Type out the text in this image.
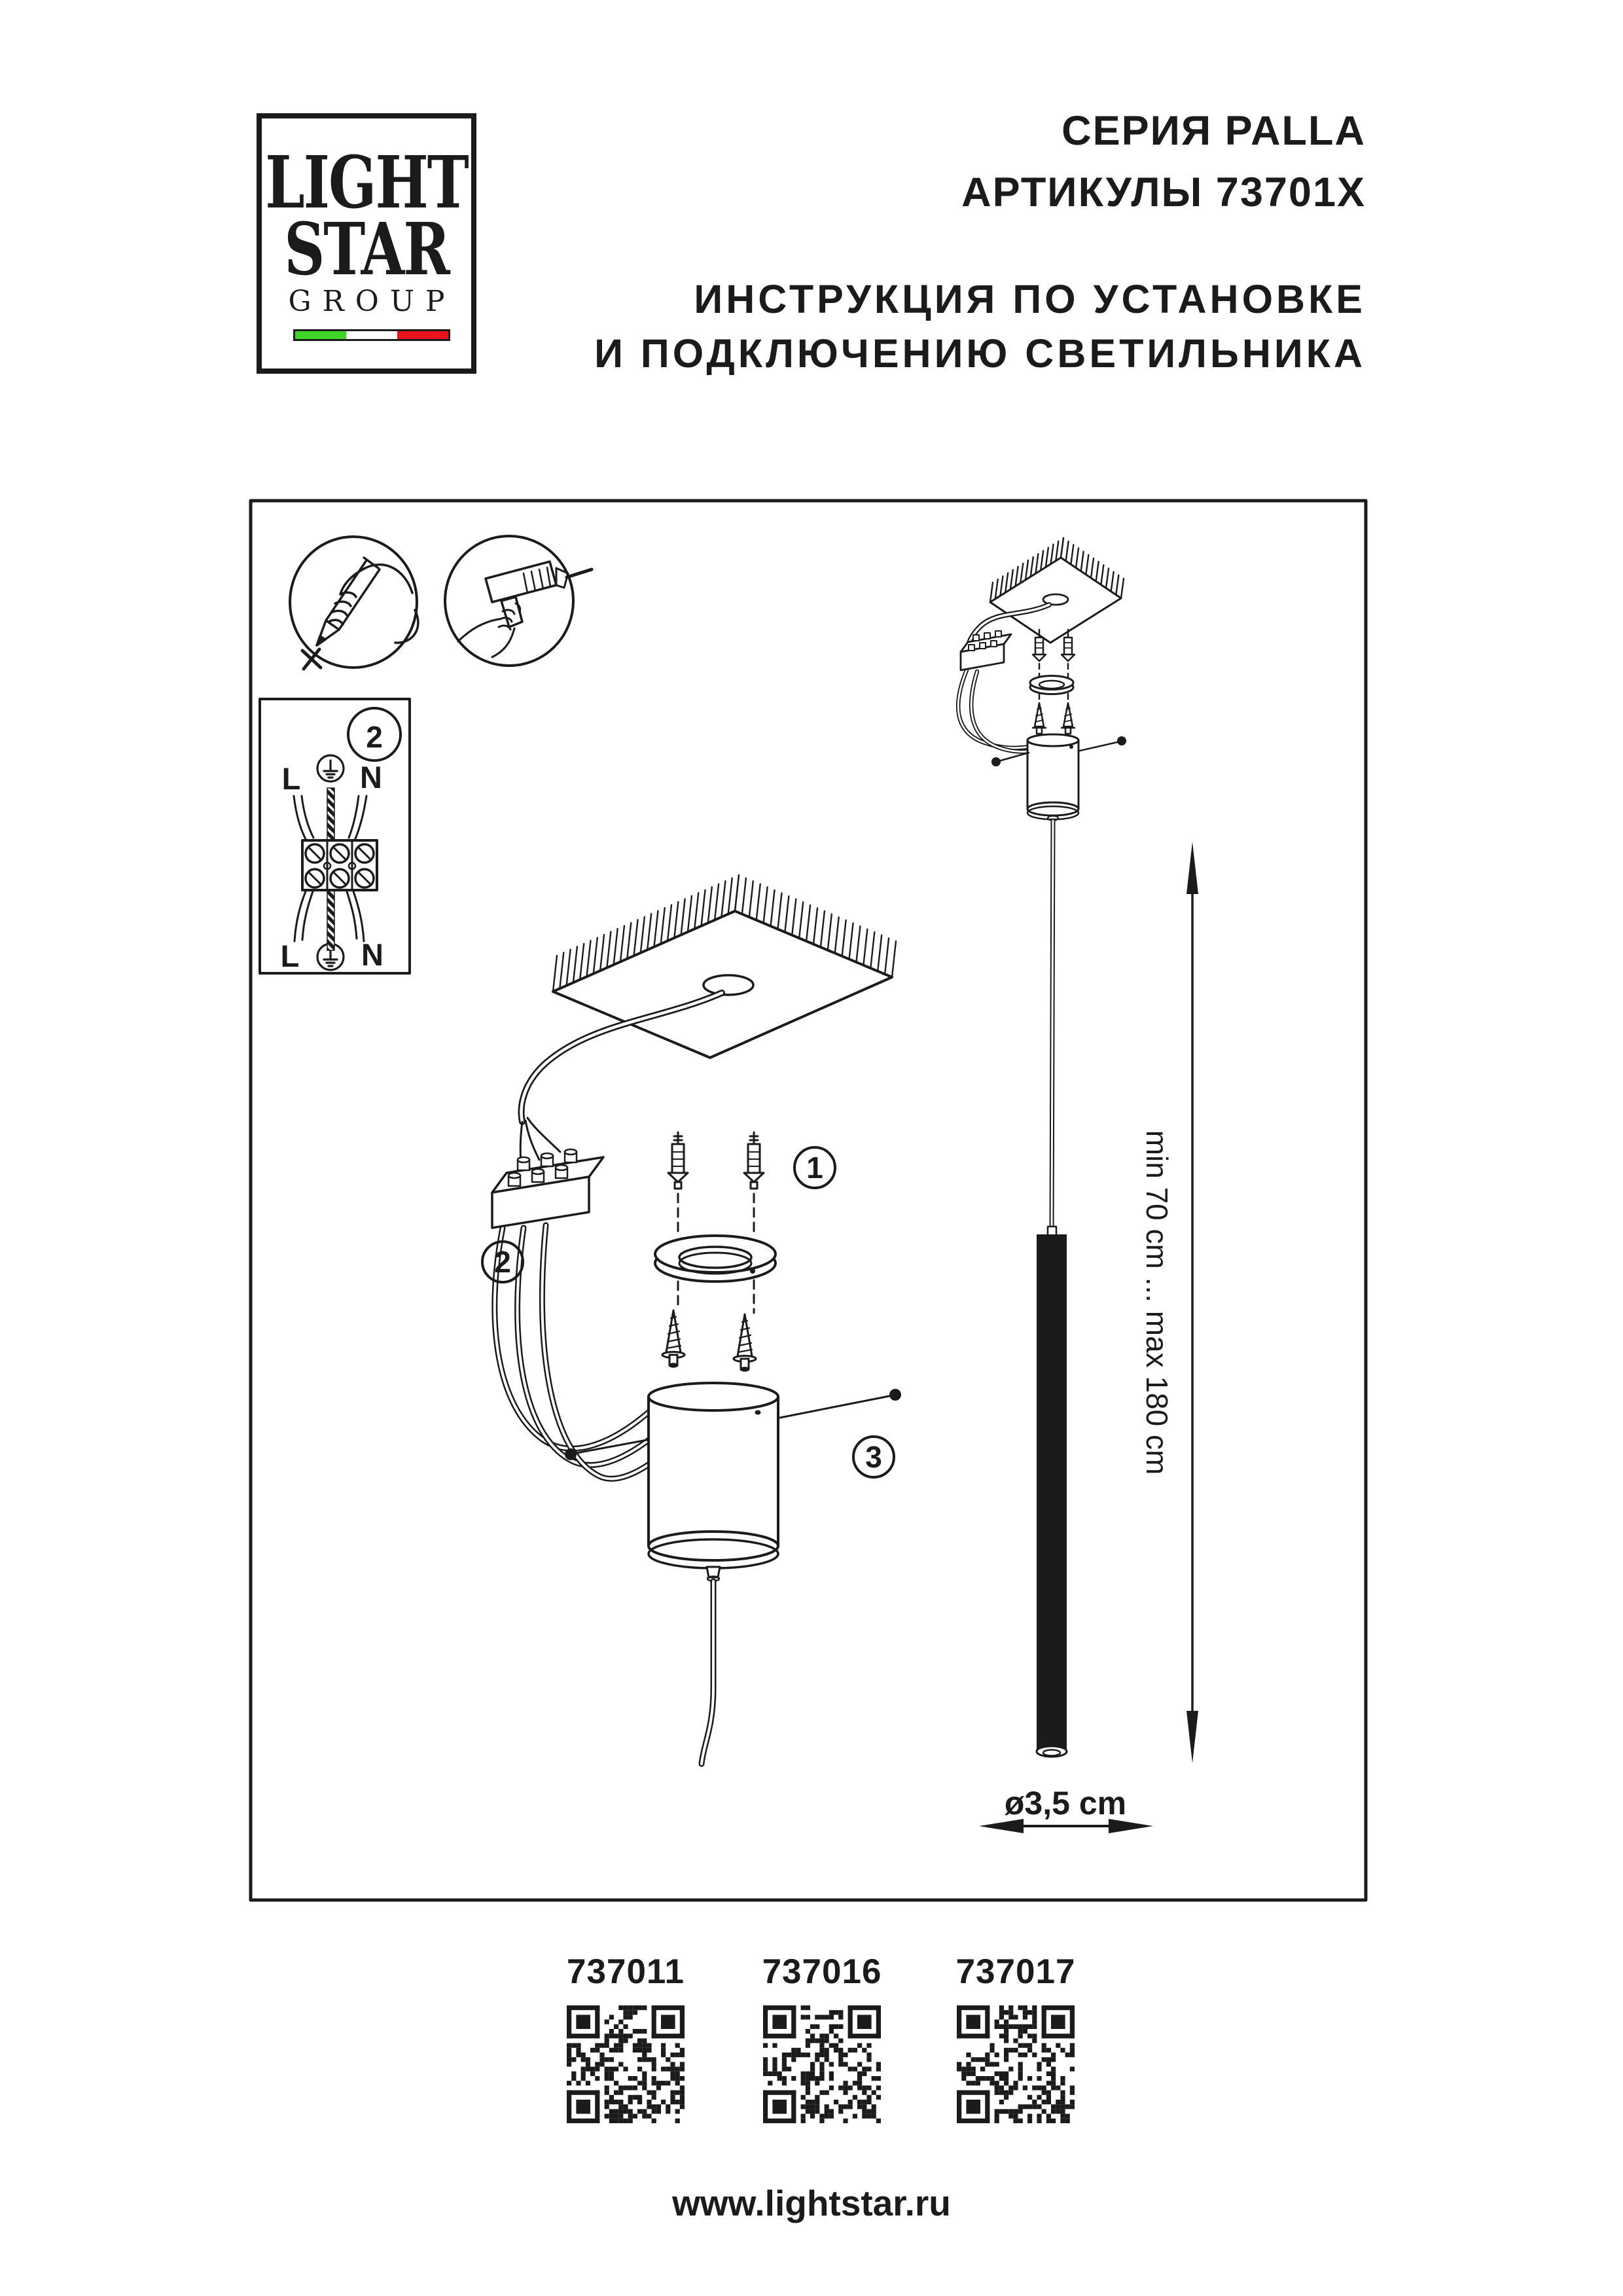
LIGHT
STAR
GROUP
СЕРИЯ PALLA
АРТИКУЛЫ 73701X
ИНСТРУКЦИЯ ПО УСТАНОВКЕ
И ПОДКЛЮЧЕНИЮ СВЕТИЛЬНИКА
2
L N
L N
1
2
3	min 70 cm ... max 180 cm
ø3,5 cm
737011	737016	737017
www.lightstar.ru
